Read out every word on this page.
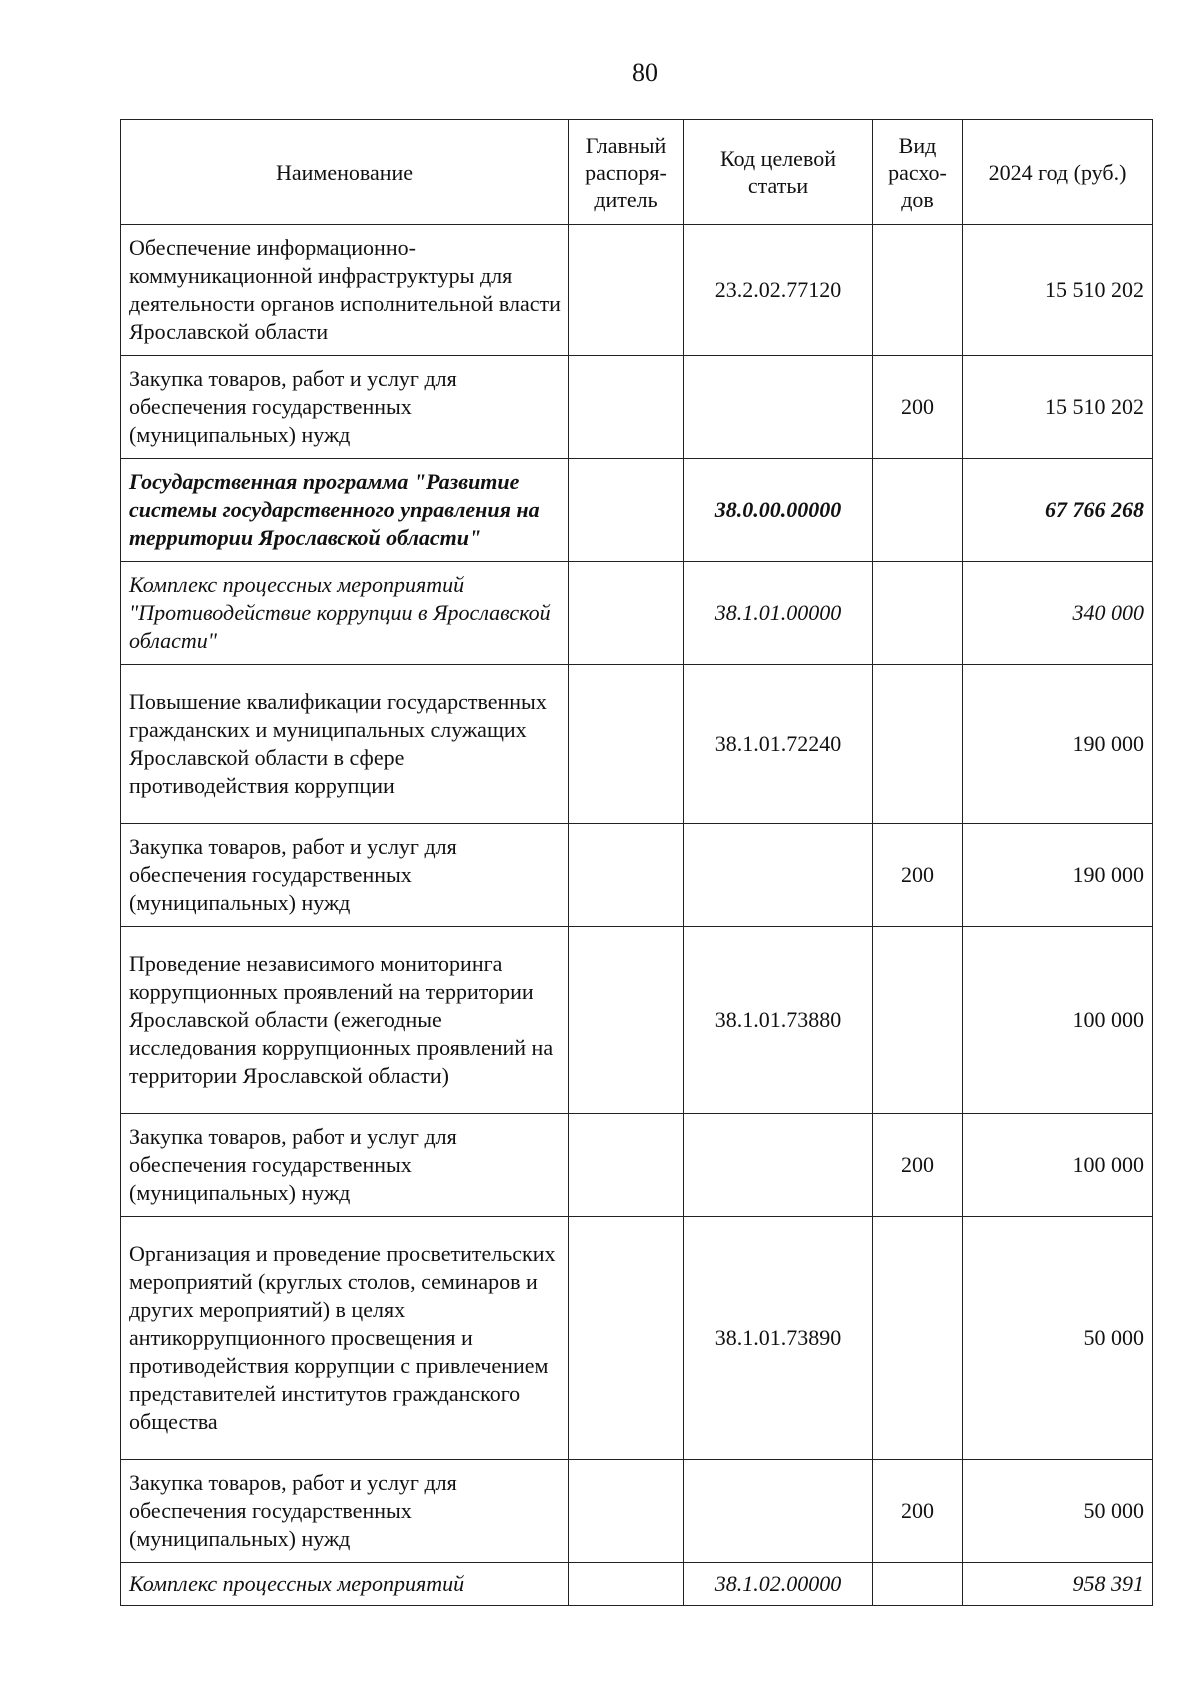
80
Наименование	Главный распоря-дитель	Код целевой статьи	Вид расхо-дов	2024 год (руб.)
Обеспечение информационно-коммуникационной инфраструктуры для деятельности органов исполнительной власти Ярославской области		23.2.02.77120		15 510 202
Закупка товаров, работ и услуг для обеспечения государственных (муниципальных) нужд			200	15 510 202
Государственная программа "Развитие системы государственного управления на территории Ярославской области"		38.0.00.00000		67 766 268
Комплекс процессных мероприятий "Противодействие коррупции в Ярославской области"		38.1.01.00000		340 000
Повышение квалификации государственных гражданских и муниципальных служащих Ярославской области в сфере противодействия коррупции		38.1.01.72240		190 000
Закупка товаров, работ и услуг для обеспечения государственных (муниципальных) нужд			200	190 000
Проведение независимого мониторинга коррупционных проявлений на территории Ярославской области (ежегодные исследования коррупционных проявлений на территории Ярославской области)		38.1.01.73880		100 000
Закупка товаров, работ и услуг для обеспечения государственных (муниципальных) нужд			200	100 000
Организация и проведение просветительских мероприятий (круглых столов, семинаров и других мероприятий) в целях антикоррупционного просвещения и противодействия коррупции с привлечением представителей институтов гражданского общества		38.1.01.73890		50 000
Закупка товаров, работ и услуг для обеспечения государственных (муниципальных) нужд			200	50 000
Комплекс процессных мероприятий		38.1.02.00000		958 391
